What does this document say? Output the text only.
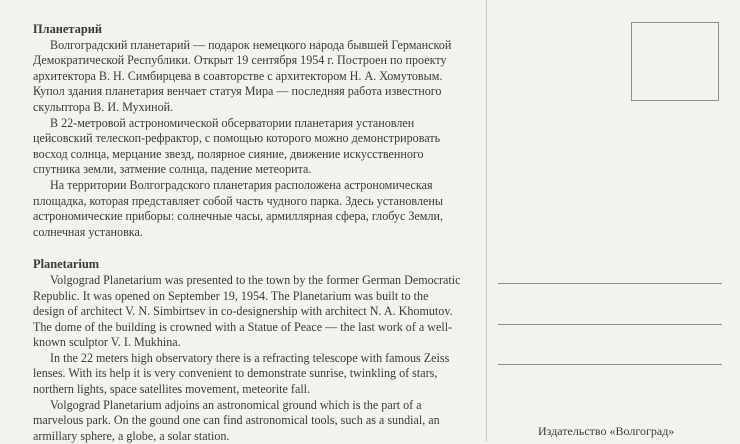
Планетарий

Волгоградский планетарий — подарок немецкого народа бывшей Германской Демократической Республики. Открыт 19 сентября 1954 г. Построен по проекту архитектора В. Н. Симбирцева в соавторстве с архитектором Н. А. Хомутовым. Купол здания планетария венчает статуя Мира — последняя работа известного скульптора В. И. Мухиной.

В 22-метровой астрономической обсерватории планетария установлен цейсовский телескоп-рефрактор, с помощью которого можно демонстрировать восход солнца, мерцание звезд, полярное сияние, движение искусственного спутника земли, затмение солнца, падение метеорита.

На территории Волгоградского планетария расположена астрономическая площадка, которая представляет собой часть чудного парка. Здесь установлены астрономические приборы: солнечные часы, армиллярная сфера, глобус Земли, солнечная установка.

Planetarium

Volgograd Planetarium was presented to the town by the former German Democratic Republic. It was opened on September 19, 1954. The Planetarium was built to the design of architect V. N. Simbirtsev in co-designership with architect N. A. Khomutov. The dome of the building is crowned with a Statue of Peace — the last work of a well-known sculptor V. I. Mukhina.

In the 22 meters high observatory there is a refracting telescope with famous Zeiss lenses. With its help it is very convenient to demonstrate sunrise, twinkling of stars, northern lights, space satellites movement, meteorite fall.

Volgograd Planetarium adjoins an astronomical ground which is the part of a marvelous park. On the gound one can find astronomical tools, such as a sundial, an armillary sphere, a globe, a solar station.	Издательство «Волгоград»
